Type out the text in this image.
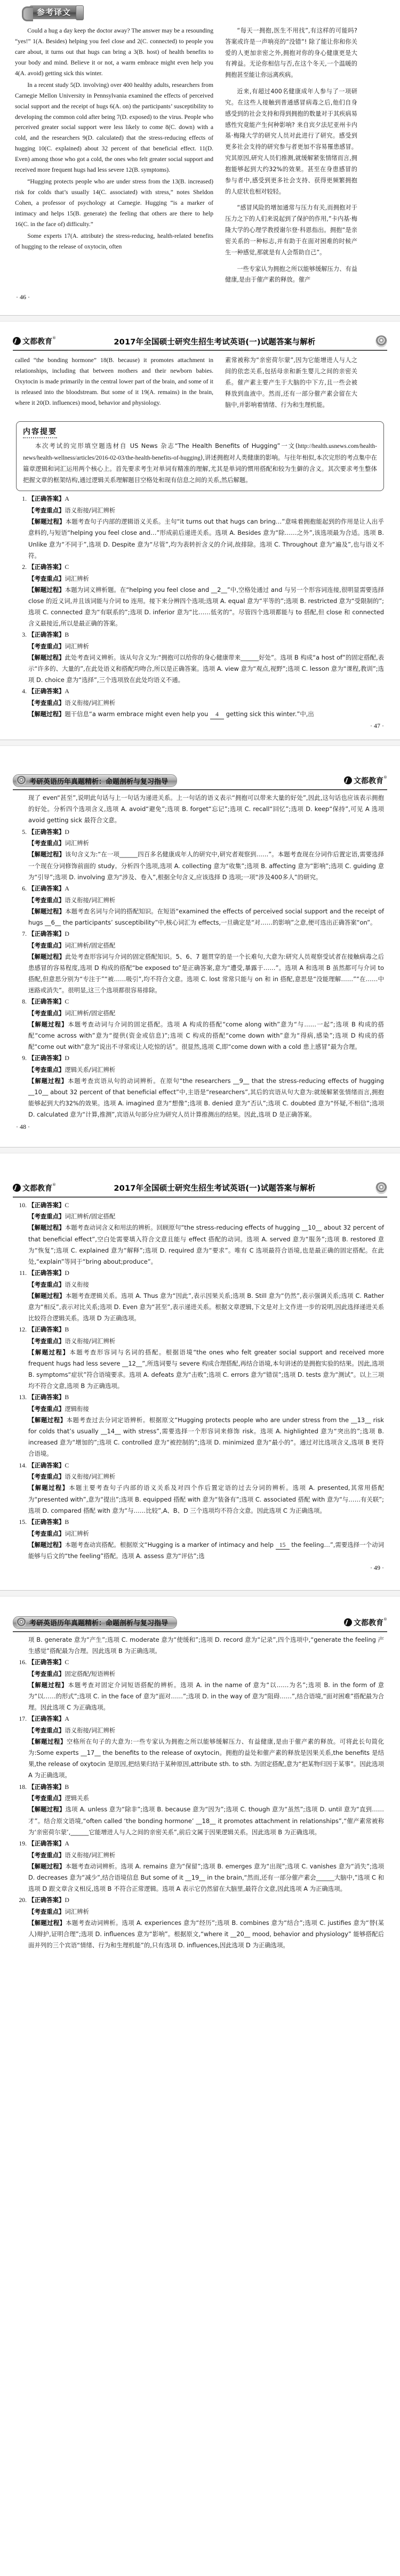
参考译文

Could a hug a day keep the doctor away? The answer may be a resounding “yes!” 1(A. Besides) helping you feel close and 2(C. connected) to people you care about, it turns out that hugs can bring a 3(B. host) of health benefits to your body and mind. Believe it or not, a warm embrace might even help you 4(A. avoid) getting sick this winter.

In a recent study 5(D. involving) over 400 healthy adults, researchers from Carnegie Mellon University in Pennsylvania examined the effects of perceived social support and the receipt of hugs 6(A. on) the participants’ susceptibility to developing the common cold after being 7(D. exposed) to the virus. People who perceived greater social support were less likely to come 8(C. down) with a cold, and the researchers 9(D. calculated) that the stress-reducing effects of hugging 10(C. explained) about 32 percent of that beneficial effect. 11(D. Even) among those who got a cold, the ones who felt greater social support and received more frequent hugs had less severe 12(B. symptoms).

“Hugging protects people who are under stress from the 13(B. increased) risk for colds that’s usually 14(C. associated) with stress,” notes Sheldon Cohen, a professor of psychology at Carnegie. Hugging “is a marker of intimacy and helps 15(B. generate) the feeling that others are there to help 16(C. in the face of) difficulty.”

Some experts 17(A. attribute) the stress-reducing, health-related benefits of hugging to the release of oxytocin, often

“每天一拥抱,医生不用找”,有这样的可能吗? 答案或许是一声响亮的“没错”! 除了能让你和你关爱的人更加亲密之外,拥抱对你的身心健康更是大有裨益。无论你相信与否,在这个冬天,一个温暖的拥抱甚至能让你远离疾病。

近来,有超过400名健康成年人参与了一项研究。在这些人接触到普通感冒病毒之后,他们自身感受到的社会支持和得到拥抱的数量对于其疾病易感性究竟能产生何种影响? 来自宾夕法尼亚州卡内基·梅隆大学的研究人员对此进行了研究。感受到更多社会支持的研究参与者更加不容易罹患感冒。究其原因,研究人员们推测,就缓解紧张情绪而言,拥抱能够起到大约32%的效果。甚至在身患感冒的参与者中,感受到更多社会支持、获得更频繁拥抱的人症状也相对较轻。

“感冒风险的增加通常与压力有关,而拥抱对于压力之下的人们来说起到了保护的作用,”卡内基·梅隆大学的心理学教授谢尔登·科恩指出。拥抱“是亲密关系的一种标志,并有助于在面对困难的时候产生一种感觉,那就是有人会帮助自己”。

一些专家认为拥抱之所以能够缓解压力、有益健康,是由于催产素的释放。催产

· 46 ·
文都教育 ®	2017年全国硕士研究生招生考试英语(一)试题答案与解析

called “the bonding hormone” 18(B. because) it promotes attachment in relationships, including that between mothers and their newborn babies. Oxytocin is made primarily in the central lower part of the brain, and some of it is released into the bloodstream. But some of it 19(A. remains) in the brain, where it 20(D. influences) mood, behavior and physiology.

素常被称为“亲密荷尔蒙”,因为它能增进人与人之间的依恋关系,包括母亲和新生婴儿之间的亲密关系。催产素主要产生于大脑的中下方,且一些会被释放到血液中。然而,还有一部分催产素会留在大脑中,并影响着情绪、行为和生理机能。

内容提要
本次考试的完形填空题选材自 US News 杂志“The Health Benefits of Hugging”一文(http://health.usnews.com/health-news/health-wellness/articles/2016-02-03/the-health-benefits-of-hugging),讲述拥抱对人类健康的影响。与往年相似,本次完形的考点集中在篇章逻辑和词汇运用两个核心上。首先要求考生对单词有精准的理解,尤其是单词的惯用搭配和较为生僻的含义。其次要求考生整体把握文章的框架结构,通过逻辑关系理解题目空格处和现有信息之间的关系,然后解题。
1. 【正确答案】A

【考查重点】语义衔接/词汇辨析

【解题过程】本题考查句子内部的逻辑语义关系。主句“it turns out that hugs can bring…”意味着拥抱能起到的作用是让人出乎意料的,与短语“helping you feel close and…”形成前后递进关系。选项 A. Besides 意为“除……之外”,该选项最为合适。选项 B. Unlike 意为“不同于”,选项 D. Despite 意为“尽管”,均为表转折含义的介词,故排除。选项 C. Throughout 意为“遍及”,也与语义不符。

2. 【正确答案】C

【考查重点】词汇辨析

【解题过程】本题为词义辨析题。在“helping you feel close and __2__”中,空格处通过 and 与另一个形容词连接,很明显需要选择 close 的近义词,并且该词能与介词 to 连用。接下来分辨四个选项;选项 A. equal 意为“平等的”;选项 B. restricted 意为“受限制的”;选项 C. connected 意为“有联系的”;选项 D. inferior 意为“比……低劣的”。尽管四个选项都能与 to 搭配,但 close 和 connected 含义最接近,所以是最正确的答案。

3. 【正确答案】B

【考查重点】词汇辨析

【解题过程】此处考查词义辨析。该从句含义为:“拥抱可以给你的身心健康带来______好处”。选项 B 构成“a host of”的固定搭配,表示“许多的、大量的”,在此处语义和搭配均吻合,所以是正确答案。选项 A. view 意为“观点,视野”;选项 C. lesson 意为“课程,教训”;选项 D. choice 意为“选择”,三个选项放在此处均语义不通。

4. 【正确答案】A

【考查重点】语义衔接/词汇辨析

【解题过程】题干信息“a warm embrace might even help you 4 getting sick this winter.”中,出

· 47 ·
考研英语历年真题精析：命题剖析与复习指导	文都教育 ®

现了 even“甚至”,说明此句话与上一句话为递进关系。上一句话的语义表示“拥抱可以带来大量的好处”,因此,这句话也应该表示拥抱的好处。分析四个选项含义,选项 A. avoid“避免”;选项 B. forget“忘记”;选项 C. recall“回忆”;选项 D. keep“保持”,可见 A 选项 avoid getting sick 最符合文意。

5. 【正确答案】D

【考查重点】词汇辨析

【解题过程】该句含义为:“在一项______四百多名健康成年人的研究中,研究者观察到……”。本题考查现在分词作后置定语,需要选择一个现在分词修饰前面的 study。分析四个选项,选项 A. collecting 意为“收集”;选项 B. affecting 意为“影响”;选项 C. guiding 意为“引导”;选项 D. involving 意为“涉及、卷入”,根据全句含义,应该选择 D 选项;一项“涉及400多人”的研究。

6. 【正确答案】A

【考查重点】语义衔接/词汇辨析

【解题过程】本题考查名词与介词的搭配知识。在短语“examined the effects of perceived social support and the receipt of hugs __6__ the participants’ susceptibility”中,核心词汇为 effects,一旦确定是“对……的影响”之意,便可选出正确答案“on”。

7. 【正确答案】D

【考查重点】词汇辨析/固定搭配

【解题过程】此处考查形容词与介词的固定搭配知识。5、6、7 题贯穿的是一个长难句,大意为:研究人员观察受试者在接触病毒之后患感冒的容易程度,选项 D 构成的搭配“be exposed to”是正确答案,意为“遭受,暴露于……”。选项 A 和选项 B 虽然都可与介词 to 搭配,但意思分别为“专注于”“被……吸引”,均不符合文意。选项 C. lost 常常只能与 on 和 in 搭配,意思是“没能理解……”“在……中迷路或消失”。很明显,这三个选项都很容易排除。

8. 【正确答案】C

【考查重点】词汇辨析/固定搭配

【解题过程】本题考查动词与介词的固定搭配。选项 A 构成的搭配“come along with”意为“与……一起”;选项 B 构成的搭配“come across with”意为“提供(资金或信息)”;选项 C 构成的搭配“come down with”意为“得病,感染”;选项 D 构成的搭配“come out with”意为“说出不寻常或让人吃惊的话”。很显然,选项 C,即“come down with a cold 患上感冒”最为合理。

9. 【正确答案】D

【考查重点】逻辑关系/词汇辨析

【解题过程】本题考查宾语从句的动词辨析。在原句“the researchers __9__ that the stress-reducing effects of hugging __10__ about 32 percent of that beneficial effect”中,主语是“researchers”,其后的宾语从句大意为:就缓解紧张情绪而言,拥抱能够起到大约32%的效果。选项 A. imagined 意为“想像”;选项 B. denied 意为“否认”;选项 C. doubted 意为“怀疑,不相信”;选项 D. calculated 意为“计算,推测”,宾语从句部分应为研究人员计算推测出的结果。因此,选项 D 是正确答案。

· 48 ·
文都教育 ®	2017年全国硕士研究生招生考试英语(一)试题答案与解析
10. 【正确答案】C

【考查重点】词汇辨析/固定搭配

【解题过程】本题考查动词含义和用法的辨析。回顾原句“the stress-reducing effects of hugging __10__ about 32 percent of that beneficial effect”,空白处需要填入符合文意且能与 effect 搭配的动词。选项 A. served 意为“服务”;选项 B. restored 意为“恢复”;选项 C. explained 意为“解释”;选项 D. required 意为“要求”。唯有 C 选项最符合语境,也是最正确的固定搭配。在此处,“explain”等同于“bring about;produce”。

11. 【正确答案】D

【考查重点】语义衔接

【解题过程】本题考查逻辑关系。选项 A. Thus 意为“因此”,表示因果关系;选项 B. Still 意为“仍然”,表示强调关系;选项 C. Rather 意为“相反”,表示对比关系;选项 D. Even 意为“甚至”,表示递进关系。根据文章逻辑,下文是对上文作进一步的说明,因此选择递进关系比较符合逻辑关系。选项 D 为正确选项。

12. 【正确答案】B

【考查重点】语义衔接/词汇辨析

【解题过程】本题考查形容词与名词的搭配。根据语境“the ones who felt greater social support and received more frequent hugs had less severe __12__”,所选词要与 severe 构成合理搭配,再结合语境,本句讲述的是拥抱实验的结果。因此,选项 B. symptoms“症状”符合语境要求。选项 A. defeats 意为“击败”;选项 C. errors 意为“错误”;选项 D. tests 意为“测试”。以上三项均不符合文意,选项 B 为正确选项。

13. 【正确答案】B

【考查重点】逻辑衔接

【解题过程】本题考查过去分词定语辨析。根据原文“Hugging protects people who are under stress from the __13__ risk for colds that’s usually __14__ with stress”,需要选择一个形容词来修饰 risk。选项 A. highlighted 意为“突出的”;选项 B. increased 意为“增加的”;选项 C. controlled 意为“被控制的”;选项 D. minimized 意为“最小的”。通过对比选项含义,选项 B 更符合语境。

14. 【正确答案】C

【考查重点】语义衔接/词汇辨析

【解题过程】本题主要考查句子内部的语义关系及对四个作后置定语的过去分词的辨析。选项 A. presented,其常用搭配为“presented with”,意为“提出”;选项 B. equipped 搭配 with 意为“装备有”;选项 C. associated 搭配 with 意为“与……有关联”;选项 D. compared 搭配 with 意为“与……比较”,A、B、D 三个选项均不符合文意。因此选项 C 为正确选项。

15. 【正确答案】B

【考查重点】词汇辨析

【解题过程】本题考查动宾搭配。根据原文“Hugging is a marker of intimacy and help 15 the feeling…”,需要选择一个动词能够与后文的“the feeling”搭配。选项 A. assess 意为“评估”;选

· 49 ·
考研英语历年真题精析：命题剖析与复习指导	文都教育 ®

项 B. generate 意为“产生”;选项 C. moderate 意为“使缓和”;选项 D. record 意为“记录”,四个选项中,“generate the feeling 产生感觉”搭配最为合理。因此选项 B 为正确选项。

16. 【正确答案】C

【考查重点】固定搭配/短语辨析

【解题过程】本题考查对固定介词短语搭配的辨析。选项 A. in the name of 意为“以……为名”;选项 B. in the form of 意为“以……的形式”;选项 C. in the face of 意为“面对……”;选项 D. in the way of 意为“阻碍……”,结合语境,“面对困难”搭配最为合理。因此选项 C 为正确选项。

17. 【正确答案】A

【考查重点】语义衔接/词汇辨析

【解题过程】空格所在句子的大意为:一些专家认为拥抱之所以能够缓解压力、有益健康,是由于催产素的释放。可将此长句简化为:Some experts __17__ the benefits to the release of oxytocin。拥抱的益处和催产素的释放是因果关系,the benefits 是结果,the release of oxytocin 是原因,把结果归结于某种原因,attribute sth. to sth. 为固定搭配,意为“把某物归因于某事”。因此选项 A 为正确选项。

18. 【正确答案】B

【考查重点】逻辑关系

【解题过程】选项 A. unless 意为“除非”;选项 B. because 意为“因为”;选项 C. though 意为“虽然”;选项 D. until 意为“直到……才”。结合原文语境,“often called ‘the bonding hormone’ __18__ it promotes attachment in relationships”,“催产素常被称为‘亲密荷尔蒙’,______它能增进人与人之间的亲密关系”,前后文属于因果逻辑关系。因此选项 B 为正确选项。

19. 【正确答案】A

【考查重点】语义衔接/词汇辨析

【解题过程】本题考查动词辨析。选项 A. remains 意为“保留”;选项 B. emerges 意为“出现”;选项 C. vanishes 意为“消失”;选项 D. decreases 意为“减少”,结合语境信息 But some of it __19__ in the brain,“然而,还有一部分催产素会______大脑中,”选项 C 和选项 D 跟文章含义相反,选项 B 不符合正常逻辑。选项 A 表示它仍然留在大脑里,最符合文意,因此选项 A 为正确选项。

20. 【正确答案】D

【考查重点】词汇辨析

【解题过程】本题考查动词辨析。选项 A. experiences 意为“经历”;选项 B. combines 意为“结合”;选项 C. justifies 意为“替(某人)辩护,证明合理”;选项 D. influences 意为“影响”。根据原文,“where it __20__ mood, behavior and physiology” 能够搭配后面并列的三个宾语“情绪、行为和生理机能”的,只有选项 D. influences,因此选项 D 为正确选项。
